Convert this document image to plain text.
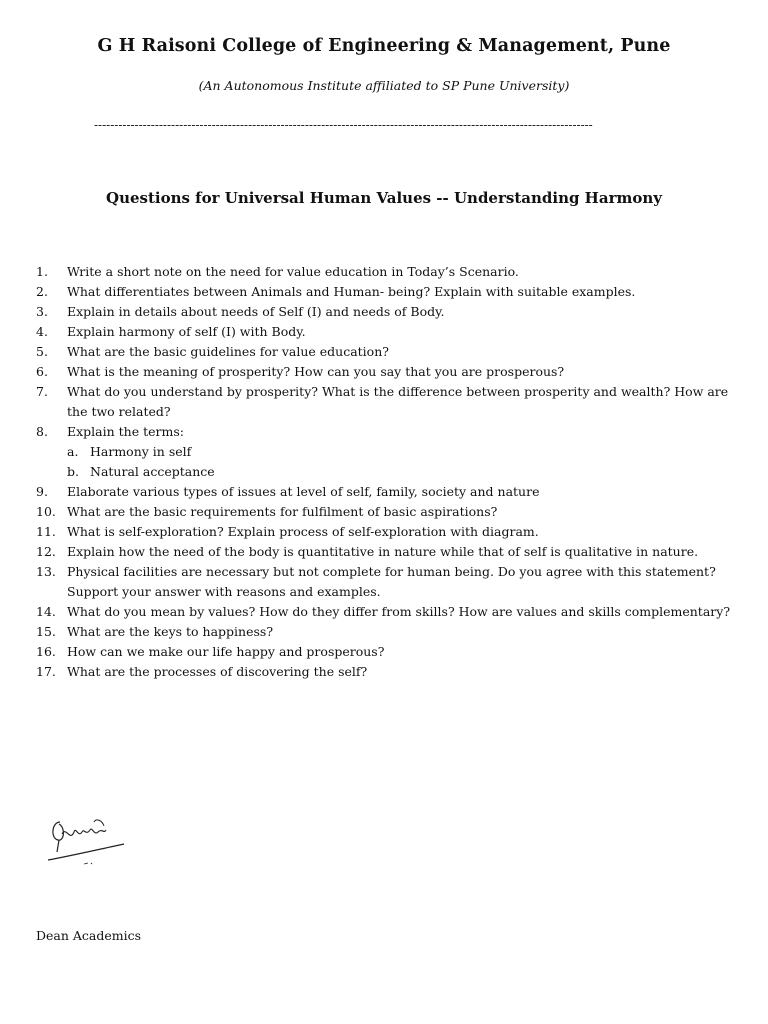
G H Raisoni College of Engineering & Management, Pune
(An Autonomous Institute affiliated to SP Pune University)
---------------------------------------------------------------------------------------------------------------------------
Questions for Universal Human Values -- Understanding Harmony
1.	Write a short note on the need for value education in Today’s Scenario.
2.	What differentiates between Animals and Human- being? Explain with suitable examples.
3.	Explain in details about needs of Self (I) and needs of Body.
4.	Explain harmony of self (I) with Body.
5.	What are the basic guidelines for value education?
6.	What is the meaning of prosperity? How can you say that you are prosperous?
7.	What do you understand by prosperity? What is the difference between prosperity and wealth? How are the two related?
8.	Explain the terms:
a. Harmony in self
b. Natural acceptance
9.	Elaborate various types of issues at level of self, family, society and nature
10. What are the basic requirements for fulfilment of basic aspirations?
11. What is self-exploration? Explain process of self-exploration with diagram.
12. Explain how the need of the body is quantitative in nature while that of self is qualitative in nature.
13. Physical facilities are necessary but not complete for human being. Do you agree with this statement? Support your answer with reasons and examples.
14. What do you mean by values? How do they differ from skills? How are values and skills complementary?
15. What are the keys to happiness?
16. How can we make our life happy and prosperous?
17. What are the processes of discovering the self?
Dean Academics
